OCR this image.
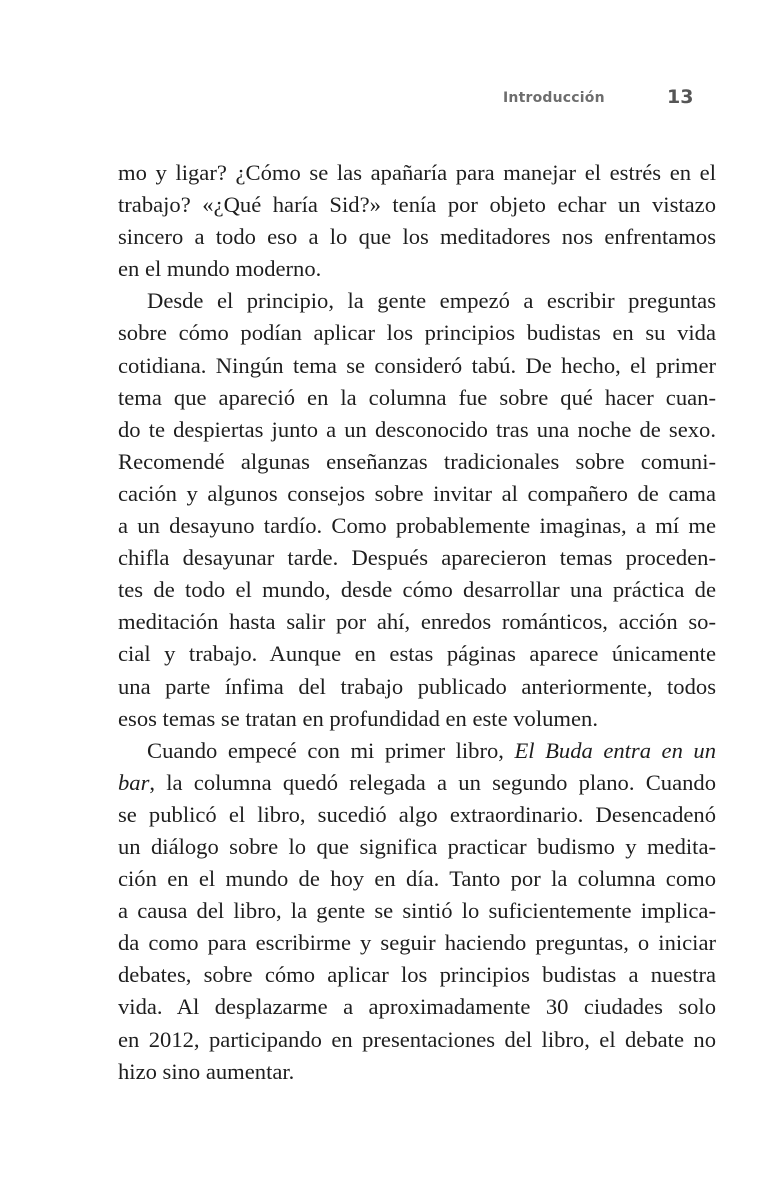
Introducción	13
mo y ligar? ¿Cómo se las apañaría para manejar el estrés en el
trabajo? «¿Qué haría Sid?» tenía por objeto echar un vistazo
sincero a todo eso a lo que los meditadores nos enfrentamos
en el mundo moderno.
Desde el principio, la gente empezó a escribir preguntas
sobre cómo podían aplicar los principios budistas en su vida
cotidiana. Ningún tema se consideró tabú. De hecho, el primer
tema que apareció en la columna fue sobre qué hacer cuan-
do te despiertas junto a un desconocido tras una noche de sexo.
Recomendé algunas enseñanzas tradicionales sobre comuni-
cación y algunos consejos sobre invitar al compañero de cama
a un desayuno tardío. Como probablemente imaginas, a mí me
chifla desayunar tarde. Después aparecieron temas proceden-
tes de todo el mundo, desde cómo desarrollar una práctica de
meditación hasta salir por ahí, enredos románticos, acción so-
cial y trabajo. Aunque en estas páginas aparece únicamente
una parte ínfima del trabajo publicado anteriormente, todos
esos temas se tratan en profundidad en este volumen.
Cuando empecé con mi primer libro, El Buda entra en un
bar, la columna quedó relegada a un segundo plano. Cuando
se publicó el libro, sucedió algo extraordinario. Desencadenó
un diálogo sobre lo que significa practicar budismo y medita-
ción en el mundo de hoy en día. Tanto por la columna como
a causa del libro, la gente se sintió lo suficientemente implica-
da como para escribirme y seguir haciendo preguntas, o iniciar
debates, sobre cómo aplicar los principios budistas a nuestra
vida. Al desplazarme a aproximadamente 30 ciudades solo
en 2012, participando en presentaciones del libro, el debate no
hizo sino aumentar.
